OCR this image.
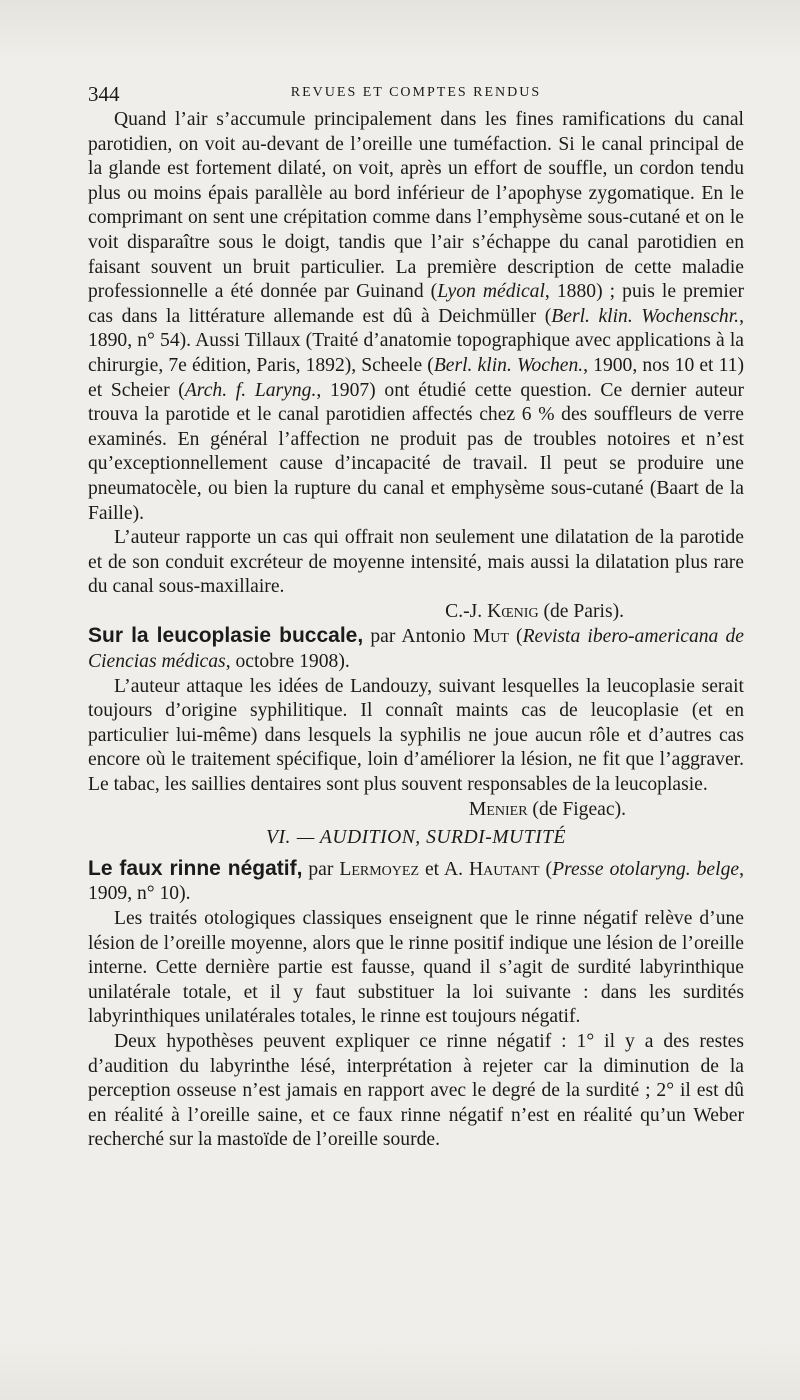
344	REVUES ET COMPTES RENDUS

Quand l’air s’accumule principalement dans les fines ramifications du canal parotidien, on voit au-devant de l’oreille une tuméfaction. Si le canal principal de la glande est fortement dilaté, on voit, après un effort de souffle, un cordon tendu plus ou moins épais parallèle au bord inférieur de l’apophyse zygomatique. En le comprimant on sent une crépitation comme dans l’emphysème sous-cutané et on le voit disparaître sous le doigt, tandis que l’air s’échappe du canal parotidien en faisant souvent un bruit particulier. La première description de cette maladie professionnelle a été donnée par Guinand (Lyon médical, 1880) ; puis le premier cas dans la littérature allemande est dû à Deichmüller (Berl. klin. Wochenschr., 1890, n° 54). Aussi Tillaux (Traité d’anatomie topographique avec applications à la chirurgie, 7e édition, Paris, 1892), Scheele (Berl. klin. Wochen., 1900, nos 10 et 11) et Scheier (Arch. f. Laryng., 1907) ont étudié cette question. Ce dernier auteur trouva la parotide et le canal parotidien affectés chez 6 % des souffleurs de verre examinés. En général l’affection ne produit pas de troubles notoires et n’est qu’exceptionnellement cause d’incapacité de travail. Il peut se produire une pneumatocèle, ou bien la rupture du canal et emphysème sous-cutané (Baart de la Faille).

L’auteur rapporte un cas qui offrait non seulement une dilatation de la parotide et de son conduit excréteur de moyenne intensité, mais aussi la dilatation plus rare du canal sous-maxillaire.

C.-J. Kœnig (de Paris).

Sur la leucoplasie buccale, par Antonio Mut (Revista ibero-americana de Ciencias médicas, octobre 1908).

L’auteur attaque les idées de Landouzy, suivant lesquelles la leucoplasie serait toujours d’origine syphilitique. Il connaît maints cas de leucoplasie (et en particulier lui-même) dans lesquels la syphilis ne joue aucun rôle et d’autres cas encore où le traitement spécifique, loin d’améliorer la lésion, ne fit que l’aggraver. Le tabac, les saillies dentaires sont plus souvent responsables de la leucoplasie.

Menier (de Figeac).

VI. — AUDITION, SURDI-MUTITÉ

Le faux rinne négatif, par Lermoyez et A. Hautant (Presse otolaryng. belge, 1909, n° 10).

Les traités otologiques classiques enseignent que le rinne négatif relève d’une lésion de l’oreille moyenne, alors que le rinne positif indique une lésion de l’oreille interne. Cette dernière partie est fausse, quand il s’agit de surdité labyrinthique unilatérale totale, et il y faut substituer la loi suivante : dans les surdités labyrinthiques unilatérales totales, le rinne est toujours négatif.

Deux hypothèses peuvent expliquer ce rinne négatif : 1° il y a des restes d’audition du labyrinthe lésé, interprétation à rejeter car la diminution de la perception osseuse n’est jamais en rapport avec le degré de la surdité ; 2° il est dû en réalité à l’oreille saine, et ce faux rinne négatif n’est en réalité qu’un Weber recherché sur la mastoïde de l’oreille sourde.
